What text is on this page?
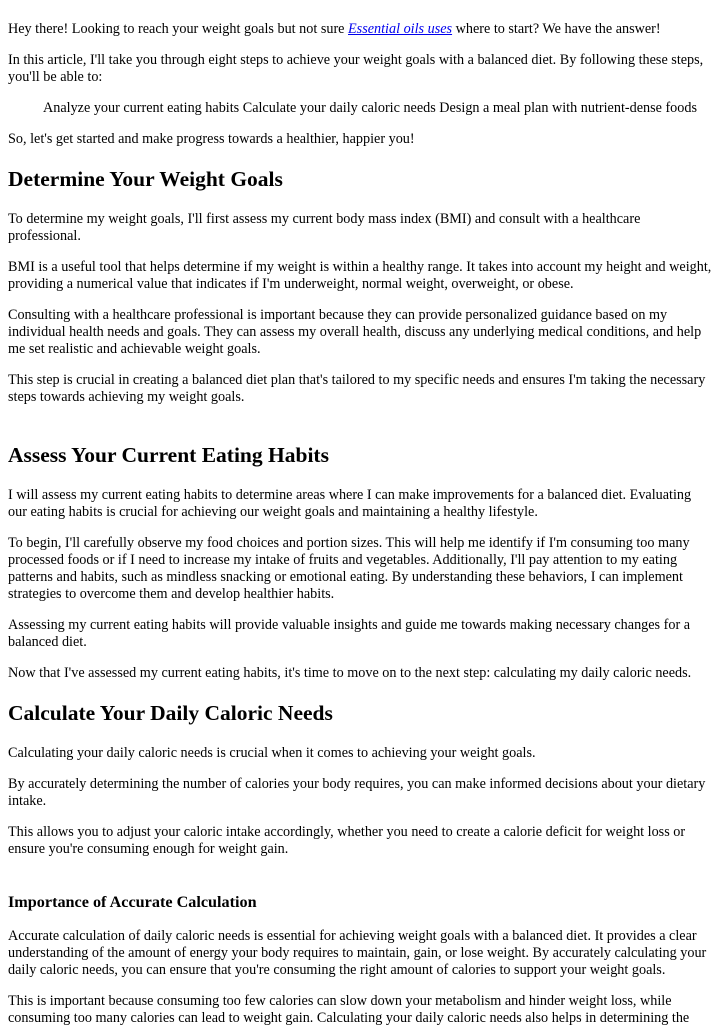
Hey there! Looking to reach your weight goals but not sure Essential oils uses where to start? We have the answer!

In this article, I'll take you through eight steps to achieve your weight goals with a balanced diet. By following these steps, you'll be able to:

Analyze your current eating habits Calculate your daily caloric needs Design a meal plan with nutrient-dense foods

So, let's get started and make progress towards a healthier, happier you!

Determine Your Weight Goals

To determine my weight goals, I'll first assess my current body mass index (BMI) and consult with a healthcare professional.

BMI is a useful tool that helps determine if my weight is within a healthy range. It takes into account my height and weight, providing a numerical value that indicates if I'm underweight, normal weight, overweight, or obese.

Consulting with a healthcare professional is important because they can provide personalized guidance based on my individual health needs and goals. They can assess my overall health, discuss any underlying medical conditions, and help me set realistic and achievable weight goals.

This step is crucial in creating a balanced diet plan that's tailored to my specific needs and ensures I'm taking the necessary steps towards achieving my weight goals.

Assess Your Current Eating Habits

I will assess my current eating habits to determine areas where I can make improvements for a balanced diet. Evaluating our eating habits is crucial for achieving our weight goals and maintaining a healthy lifestyle.

To begin, I'll carefully observe my food choices and portion sizes. This will help me identify if I'm consuming too many processed foods or if I need to increase my intake of fruits and vegetables. Additionally, I'll pay attention to my eating patterns and habits, such as mindless snacking or emotional eating. By understanding these behaviors, I can implement strategies to overcome them and develop healthier habits.

Assessing my current eating habits will provide valuable insights and guide me towards making necessary changes for a balanced diet.

Now that I've assessed my current eating habits, it's time to move on to the next step: calculating my daily caloric needs.

Calculate Your Daily Caloric Needs

Calculating your daily caloric needs is crucial when it comes to achieving your weight goals.

By accurately determining the number of calories your body requires, you can make informed decisions about your dietary intake.

This allows you to adjust your caloric intake accordingly, whether you need to create a calorie deficit for weight loss or ensure you're consuming enough for weight gain.

Importance of Accurate Calculation

Accurate calculation of daily caloric needs is essential for achieving weight goals with a balanced diet. It provides a clear understanding of the amount of energy your body requires to maintain, gain, or lose weight. By accurately calculating your daily caloric needs, you can ensure that you're consuming the right amount of calories to support your weight goals.

This is important because consuming too few calories can slow down your metabolism and hinder weight loss, while consuming too many calories can lead to weight gain. Calculating your daily caloric needs also helps in determining the
